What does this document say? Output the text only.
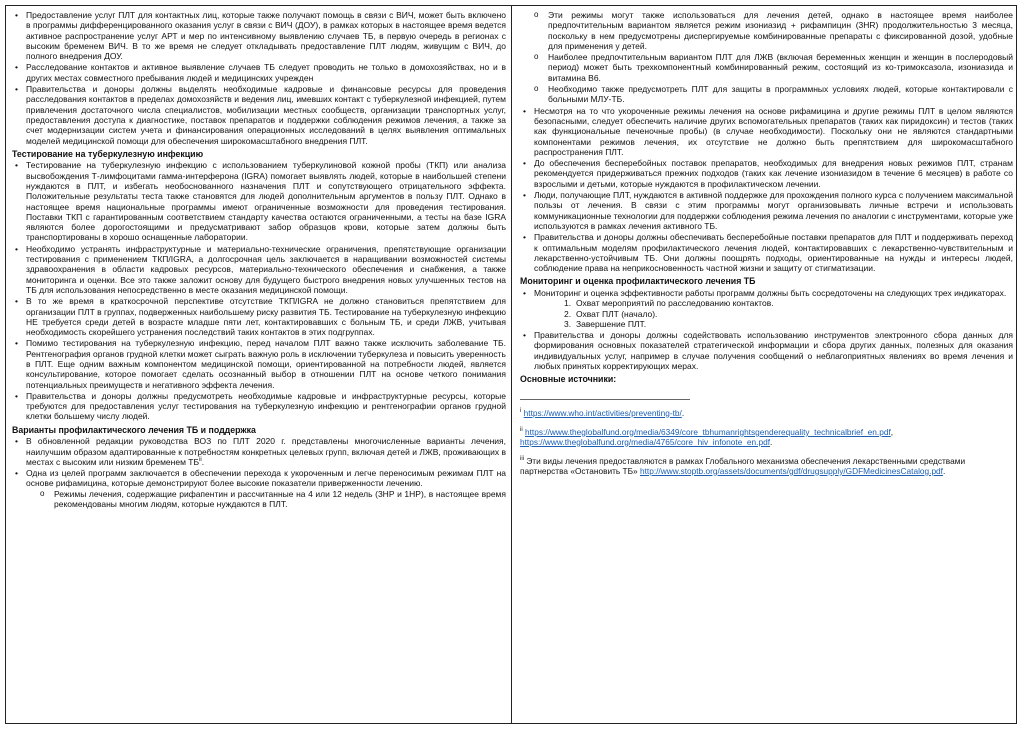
• Предоставление услуг ПЛТ для контактных лиц, которые также получают помощь в связи с ВИЧ, может быть включено в программы дифференцированного оказания услуг в связи с ВИЧ (ДОУ), в рамках которых в настоящее время ведется активное распространение услуг АРТ и мер по интенсивному выявлению случаев ТБ, в первую очередь в регионах с высоким бременем ВИЧ. В то же время не следует откладывать предоставление ПЛТ людям, живущим с ВИЧ, до полного внедрения ДОУ.
• Расследование контактов и активное выявление случаев ТБ следует проводить не только в домохозяйствах, но и в других местах совместного пребывания людей и медицинских учрежден
• Правительства и доноры должны выделять необходимые кадровые и финансовые ресурсы для проведения расследования контактов в пределах домохозяйств и ведения лиц, имевших контакт с туберкулезной инфекцией, путем привлечения достаточного числа специалистов, мобилизации местных сообществ, организации транспортных услуг, предоставления доступа к диагностике, поставок препаратов и поддержки соблюдения режимов лечения, а также за счет модернизации систем учета и финансирования операционных исследований в целях выявления оптимальных моделей медицинской помощи для обеспечения широкомасштабного внедрения ПЛТ.
Тестирование на туберкулезную инфекцию
• Тестирование на туберкулезную инфекцию с использованием туберкулиновой кожной пробы (ТКП) или анализа высвобождения Т-лимфоцитами гамма-интерферона (IGRA) помогает выявлять людей, которые в наибольшей степени нуждаются в ПЛТ, и избегать необоснованного назначения ПЛТ и сопутствующего отрицательного эффекта. Положительные результаты теста также становятся для людей дополнительным аргументов в пользу ПЛТ. Однако в настоящее время национальные программы имеют ограниченные возможности для проведения тестирования. Поставки ТКП с гарантированным соответствием стандарту качества остаются ограниченными, а тесты на базе IGRA являются более дорогостоящими и предусматривают забор образцов крови, которые затем должны быть транспортированы в хорошо оснащенные лаборатории.
• Необходимо устранять инфраструктурные и материально-технические ограничения, препятствующие организации тестирования с применением ТКП/IGRA, а долгосрочная цель заключается в наращивании возможностей системы здравоохранения в области кадровых ресурсов, материально-технического обеспечения и снабжения, а также мониторинга и оценки. Все это также заложит основу для будущего быстрого внедрения новых улучшенных тестов на ТБ для использования непосредственно в месте оказания медицинской помощи.
• В то же время в краткосрочной перспективе отсутствие ТКП/IGRA не должно становиться препятствием для организации ПЛТ в группах, подверженных наибольшему риску развития ТБ. Тестирование на туберкулезную инфекцию НЕ требуется среди детей в возрасте младше пяти лет, контактировавших с больным ТБ, и среди ЛЖВ, учитывая необходимость скорейшего устранения последствий таких контактов в этих подгруппах.
• Помимо тестирования на туберкулезную инфекцию, перед началом ПЛТ важно также исключить заболевание ТБ. Рентгенография органов грудной клетки может сыграть важную роль в исключении туберкулеза и повысить уверенность в ПЛТ. Еще одним важным компонентом медицинской помощи, ориентированной на потребности людей, является консультирование, которое помогает сделать осознанный выбор в отношении ПЛТ на основе четкого понимания потенциальных преимуществ и негативного эффекта лечения.
• Правительства и доноры должны предусмотреть необходимые кадровые и инфраструктурные ресурсы, которые требуются для предоставления услуг тестирования на туберкулезную инфекцию и рентгенографии органов грудной клетки большему числу людей.
Варианты профилактического лечения ТБ и поддержка
• В обновленной редакции руководства ВОЗ по ПЛТ 2020 г. представлены многочисленные варианты лечения, наилучшим образом адаптированные к потребностям конкретных целевых групп, включая детей и ЛЖВ, проживающих в местах с высоким или низким бременем ТБ$^{ii}$.
• Одна из целей программ заключается в обеспечении перехода к укороченным и легче переносимым режимам ПЛТ на основе рифамицина, которые демонстрируют более высокие показатели приверженности лечению.
o Режимы лечения, содержащие рифапентин и рассчитанные на 4 или 12 недель (3НР и 1НР), в настоящее время рекомендованы многим людям, которые нуждаются в ПЛТ.
o Эти режимы могут также использоваться для лечения детей, однако в настоящее время наиболее предпочтительным вариантом является режим изониазид + рифампицин (3HR) продолжительностью 3 месяца, поскольку в нем предусмотрены диспергируемые комбинированные препараты с фиксированной дозой, удобные для применения у детей.
o Наиболее предпочтительным вариантом ПЛТ для ЛЖВ (включая беременных женщин и женщин в послеродовый период) может быть трехкомпонентный комбинированный режим, состоящий из ко-тримоксазола, изониазида и витамина В6.
o Необходимо также предусмотреть ПЛТ для защиты в программных условиях людей, которые контактировали с больными МЛУ-ТБ.
• Несмотря на то что укороченные режимы лечения на основе рифамицина и другие режимы ПЛТ в целом являются безопасными, следует обеспечить наличие других вспомогательных препаратов (таких как пиридоксин) и тестов (таких как функциональные печеночные пробы) (в случае необходимости). Поскольку они не являются стандартными компонентами режимов лечения, их отсутствие не должно быть препятствием для широкомасштабного распространения ПЛТ.
• До обеспечения бесперебойных поставок препаратов, необходимых для внедрения новых режимов ПЛТ, странам рекомендуется придерживаться прежних подходов (таких как лечение изониазидом в течение 6 месяцев) в работе со взрослыми и детьми, которые нуждаются в профилактическом лечении.
• Люди, получающие ПЛТ, нуждаются в активной поддержке для прохождения полного курса с получением максимальной пользы от лечения. В связи с этим программы могут организовывать личные встречи и использовать коммуникационные технологии для поддержки соблюдения режима лечения по аналогии с инструментами, которые уже используются в рамках лечения активного ТБ.
• Правительства и доноры должны обеспечивать бесперебойные поставки препаратов для ПЛТ и поддерживать переход к оптимальным моделям профилактического лечения людей, контактировавших с лекарственно-чувствительным и лекарственно-устойчивым ТБ. Они должны поощрять подходы, ориентированные на нужды и интересы людей, соблюдение права на неприкосновенность частной жизни и защиту от стигматизации.
Мониторинг и оценка профилактического лечения ТБ
• Мониторинг и оценка эффективности работы программ должны быть сосредоточены на следующих трех индикаторах.
1. Охват мероприятий по расследованию контактов.
2. Охват ПЛТ (начало).
3. Завершение ПЛТ.
• Правительства и доноры должны содействовать использованию инструментов электронного сбора данных для формирования основных показателей стратегической информации и сбора других данных, полезных для оказания индивидуальных услуг, например в случае получения сообщений о неблагоприятных явлениях во время лечения и любых принятых корректирующих мерах.
Основные источники:

$^i$ https://www.who.int/activities/preventing-tb/.

$^{ii}$ https://www.theglobalfund.org/media/6349/core_tbhumanrightsgenderequality_technicalbrief_en.pdf, https://www.theglobalfund.org/media/4765/core_hiv_infonote_en.pdf.

$^{iii}$ Эти виды лечения предоставляются в рамках Глобального механизма обеспечения лекарственными средствами партнерства «Остановить ТБ» http://www.stoptb.org/assets/documents/gdf/drugsupply/GDFMedicinesCatalog.pdf.
